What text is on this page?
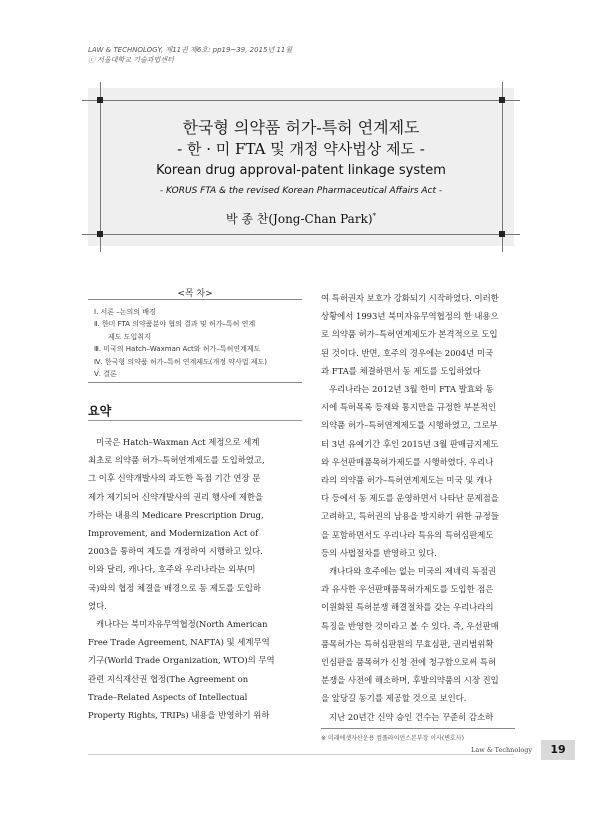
LAW & TECHNOLOGY, 제11권 제6호: pp19~39, 2015년 11월
ⓒ 서울대학교 기술과법센터
한국형 의약품 허가-특허 연계제도
- 한 · 미 FTA 및 개정 약사법상 제도 -
Korean drug approval-patent linkage system
- KORUS FTA & the revised Korean Pharmaceutical Affairs Act -
박 종 찬(Jong-Chan Park)*
<목 차>
Ⅰ. 서론 –논의의 배경
Ⅱ. 한미 FTA 의약품분야 협의 결과 및 허가–특허 연계
제도 도입취지
Ⅲ. 미국의 Hatch–Waxman Act와 허가–특허연계제도
Ⅳ. 한국형 의약품 허가–특허 연계제도(개정 약사법 제도)
Ⅴ. 결론
요약
미국은 Hatch–Waxman Act 제정으로 세계
최초로 의약품 허가–특허연계제도를 도입하였고,
그 이후 신약개발사의 과도한 독점 기간 연장 문
제가 제기되어 신약개발사의 권리 행사에 제한을
가하는 내용의 Medicare Prescription Drug,
Improvement, and Modernization Act of
2003을 통하여 제도를 개정하여 시행하고 있다.
이와 달리, 캐나다, 호주와 우리나라는 외부(미
국)와의 협정 체결을 배경으로 동 제도를 도입하
였다.
캐나다는 북미자유무역협정(North American
Free Trade Agreement, NAFTA) 및 세계무역
기구(World Trade Organization, WTO)의 무역
관련 지식재산권 협정(The Agreement on
Trade–Related Aspects of Intellectual
Property Rights, TRIPs) 내용을 반영하기 위하
여 특허권자 보호가 강화되기 시작하였다. 이러한
상황에서 1993년 북미자유무역협정의 한 내용으
로 의약품 허가–특허연계제도가 본격적으로 도입
된 것이다. 반면, 호주의 경우에는 2004년 미국
과 FTA를 체결하면서 동 제도를 도입하였다
우리나라는 2012년 3월 한미 FTA 발효와 동
시에 특허목록 등재와 통지만을 규정한 부분적인
의약품 허가–특허연계제도를 시행하였고, 그로부
터 3년 유예기간 후인 2015년 3월 판매금지제도
와 우선판매품목허가제도를 시행하였다. 우리나
라의 의약품 허가–특허연계제도는 미국 및 캐나
다 등에서 동 제도를 운영하면서 나타난 문제점을
고려하고, 특허권의 남용을 방지하기 위한 규정들
을 포함하면서도 우리나라 특유의 특허심판제도
등의 사법절차를 반영하고 있다.
캐나다와 호주에는 없는 미국의 제네릭 독점권
과 유사한 우선판매품목허가제도를 도입한 점은
이원화된 특허분쟁 해결절차를 갖는 우리나라의
특징을 반영한 것이라고 볼 수 있다. 즉, 우선판매
품목허가는 특허심판원의 무효심판, 권리범위확
인심판을 품목허가 신청 전에 청구함으로써 특허
분쟁을 사전에 해소하며, 후발의약품의 시장 진입
을 앞당길 동기를 제공할 것으로 보인다.
지난 20년간 신약 승인 건수는 꾸준히 감소하
※ 미래에셋자산운용 컴플라이언스본부장 이사(변호사)
Law & Technology	19
